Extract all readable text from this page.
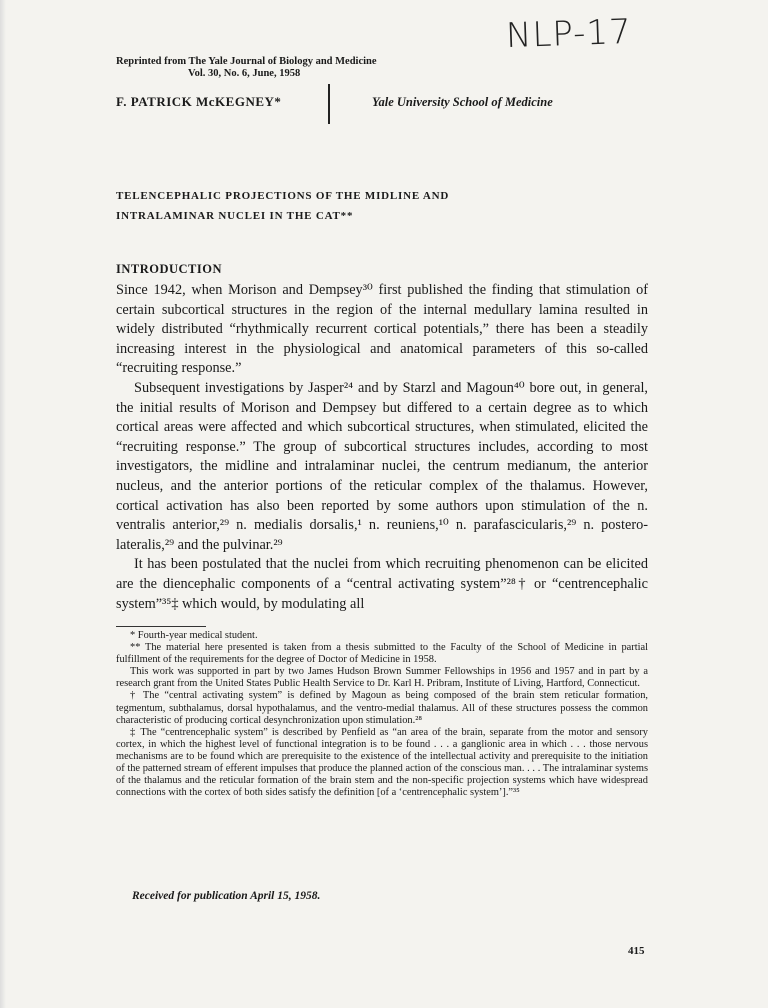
NLP-17
Reprinted from The Yale Journal of Biology and Medicine
Vol. 30, No. 6, June, 1958
F. PATRICK McKEGNEY*	Yale University School of Medicine
TELENCEPHALIC PROJECTIONS OF THE MIDLINE AND
INTRALAMINAR NUCLEI IN THE CAT**
INTRODUCTION

Since 1942, when Morison and Dempsey³⁰ first published the finding that stimulation of certain subcortical structures in the region of the internal medullary lamina resulted in widely distributed “rhythmically recurrent cortical potentials,” there has been a steadily increasing interest in the physiological and anatomical parameters of this so-called “recruiting response.”

Subsequent investigations by Jasper²⁴ and by Starzl and Magoun⁴⁰ bore out, in general, the initial results of Morison and Dempsey but differed to a certain degree as to which cortical areas were affected and which subcortical structures, when stimulated, elicited the “recruiting response.” The group of subcortical structures includes, according to most investigators, the midline and intralaminar nuclei, the centrum medianum, the anterior nucleus, and the anterior portions of the reticular complex of the thalamus. However, cortical activation has also been reported by some authors upon stimulation of the n. ventralis anterior,²⁹ n. medialis dorsalis,¹ n. reuniens,¹⁰ n. parafascicularis,²⁹ n. postero-lateralis,²⁹ and the pulvinar.²⁹

It has been postulated that the nuclei from which recruiting phenomenon can be elicited are the diencephalic components of a “central activating system”²⁸† or “centrencephalic system”³⁵‡ which would, by modulating all

* Fourth-year medical student.

** The material here presented is taken from a thesis submitted to the Faculty of the School of Medicine in partial fulfillment of the requirements for the degree of Doctor of Medicine in 1958.

This work was supported in part by two James Hudson Brown Summer Fellowships in 1956 and 1957 and in part by a research grant from the United States Public Health Service to Dr. Karl H. Pribram, Institute of Living, Hartford, Connecticut.

† The “central activating system” is defined by Magoun as being composed of the brain stem reticular formation, tegmentum, subthalamus, dorsal hypothalamus, and the ventro-medial thalamus. All of these structures possess the common characteristic of producing cortical desynchronization upon stimulation.²⁸

‡ The “centrencephalic system” is described by Penfield as “an area of the brain, separate from the motor and sensory cortex, in which the highest level of functional integration is to be found . . . a ganglionic area in which . . . those nervous mechanisms are to be found which are prerequisite to the existence of the intellectual activity and prerequisite to the initiation of the patterned stream of efferent impulses that produce the planned action of the conscious man. . . . The intralaminar systems of the thalamus and the reticular formation of the brain stem and the non-specific projection systems which have widespread connections with the cortex of both sides satisfy the definition [of a ‘centrencephalic system’].”³⁵

Received for publication April 15, 1958.
415
